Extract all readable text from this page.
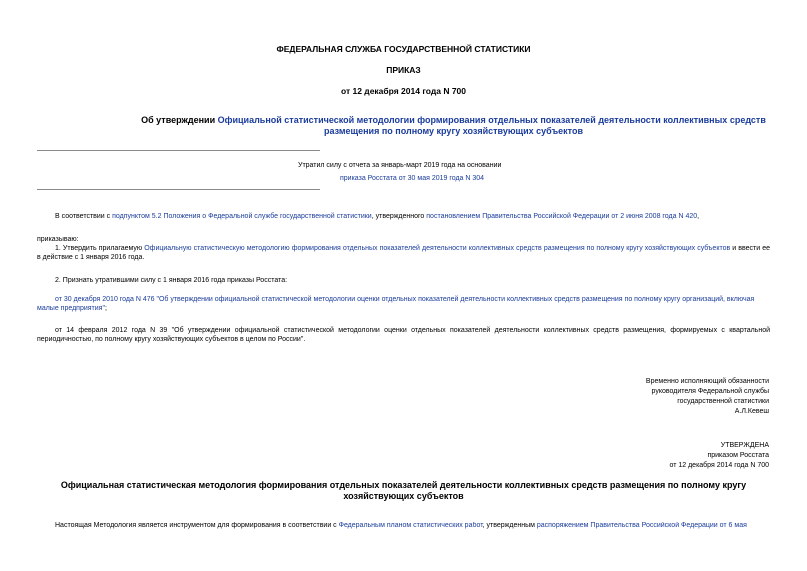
ФЕДЕРАЛЬНАЯ СЛУЖБА ГОСУДАРСТВЕННОЙ СТАТИСТИКИ
ПРИКАЗ
от 12 декабря 2014 года N 700
Об утверждении Официальной статистической методологии формирования отдельных показателей деятельности коллективных средств размещения по полному кругу хозяйствующих субъектов
Утратил силу с отчета за январь-март 2019 года на основании
приказа Росстата от 30 мая 2019 года N 304
В соответствии с подпунктом 5.2 Положения о Федеральной службе государственной статистики, утвержденного постановлением Правительства Российской Федерации от 2 июня 2008 года N 420,
приказываю:
1. Утвердить прилагаемую Официальную статистическую методологию формирования отдельных показателей деятельности коллективных средств размещения по полному кругу хозяйствующих субъектов и ввести ее в действие с 1 января 2016 года.
2. Признать утратившими силу с 1 января 2016 года приказы Росстата:
от 30 декабря 2010 года N 476 "Об утверждении официальной статистической методологии оценки отдельных показателей деятельности коллективных средств размещения по полному кругу организаций, включая малые предприятия";
от 14 февраля 2012 года N 39 "Об утверждении официальной статистической методологии оценки отдельных показателей деятельности коллективных средств размещения, формируемых с квартальной периодичностью, по полному кругу хозяйствующих субъектов в целом по России".
Временно исполняющий обязанности
руководителя Федеральной службы
государственной статистики
А.Л.Кевеш
УТВЕРЖДЕНА
приказом Росстата
от 12 декабря 2014 года N 700
Официальная статистическая методология формирования отдельных показателей деятельности коллективных средств размещения по полному кругу хозяйствующих субъектов
Настоящая Методология является инструментом для формирования в соответствии с Федеральным планом статистических работ, утвержденным распоряжением Правительства Российской Федерации от 6 мая
